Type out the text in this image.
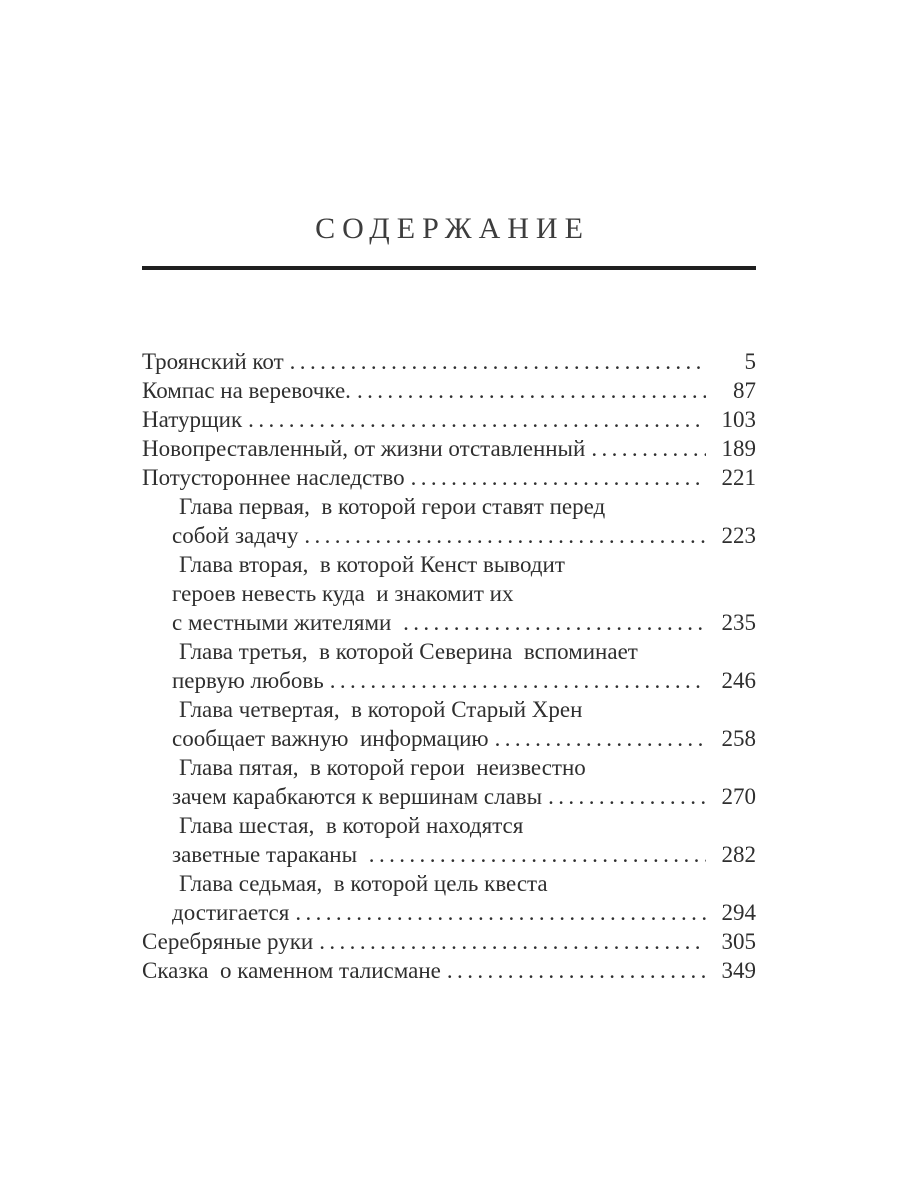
СОДЕРЖАНИЕ
Троянский кот .....	5
Компас на веревочке. .....	87
Натурщик .....	103
Новопреставленный, от жизни отставленный .....	189
Потустороннее наследство .....	221
Глава первая,  в которой герои ставят перед
собой задачу .....	223
Глава вторая,  в которой Кенст выводит
героев невесть куда  и знакомит их
с местными жителями .....	235
Глава третья,  в которой Северина  вспоминает
первую любовь .....	246
Глава четвертая,  в которой Старый Хрен
сообщает важную  информацию .....	258
Глава пятая,  в которой герои  неизвестно
зачем карабкаются к вершинам славы .....	270
Глава шестая,  в которой находятся
заветные тараканы .....	282
Глава седьмая,  в которой цель квеста
достигается .....	294
Серебряные руки .....	305
Сказка  о каменном талисмане .....	349
